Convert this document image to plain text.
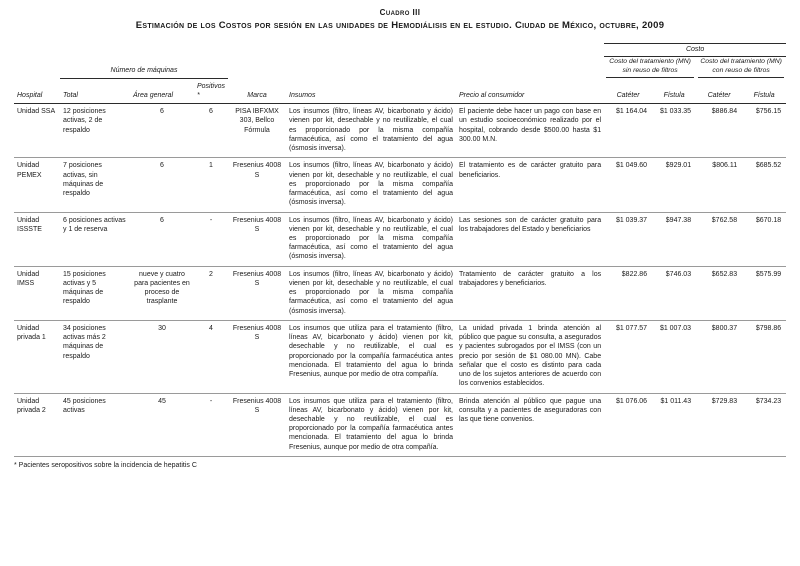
Cuadro III
Estimación de los Costos por sesión en las unidades de Hemodiálisis en el estudio. Ciudad de México, octubre, 2009
							Costo			
	Número de máquinas						Costo del tratamiento (MN) sin reuso de filtros		Costo del tratamiento (MN) con reuso de filtros	

Hospital	Total	Área general	Positivos*	Marca	Insumos	Precio al consumidor	Catéter	Fístula	Catéter	Fístula
Unidad SSA	12 posiciones activas, 2 de respaldo	6	6	PISA IBFXMX 303, Bellco Fórmula	Los insumos (filtro, líneas AV, bicarbonato y ácido) vienen por kit, desechable y no reutilizable, el cual es proporcionado por la misma compañía farmacéutica, así como el tratamiento del agua (ósmosis inversa).	El paciente debe hacer un pago con base en un estudio socioeconómico realizado por el hospital, cobrando desde $500.00 hasta $1 300.00 M.N.	$1 164.04	$1 033.35	$886.84	$756.15
Unidad PEMEX	7 posiciones activas, sin máquinas de respaldo	6	1	Fresenius 4008 S	Los insumos (filtro, líneas AV, bicarbonato y ácido) vienen por kit, desechable y no reutilizable, el cual es proporcionado por la misma compañía farmacéutica, así como el tratamiento del agua (ósmosis inversa).	El tratamiento es de carácter gratuito para beneficiarios.	$1 049.60	$929.01	$806.11	$685.52
Unidad ISSSTE	6 posiciones activas y 1 de reserva	6	-	Fresenius 4008 S	Los insumos (filtro, líneas AV, bicarbonato y ácido) vienen por kit, desechable y no reutilizable, el cual es proporcionado por la misma compañía farmacéutica, así como el tratamiento del agua (ósmosis inversa).	Las sesiones son de carácter gratuito para los trabajadores del Estado y beneficiarios	$1 039.37	$947.38	$762.58	$670.18
Unidad IMSS	15 posiciones activas y 5 máquinas de respaldo	nueve y cuatro para pacientes en proceso de trasplante	2	Fresenius 4008 S	Los insumos (filtro, líneas AV, bicarbonato y ácido) vienen por kit, desechable y no reutilizable, el cual es proporcionado por la misma compañía farmacéutica, así como el tratamiento del agua (ósmosis inversa).	Tratamiento de carácter gratuito a los trabajadores y beneficiarios.	$822.86	$746.03	$652.83	$575.99
Unidad privada 1	34 posiciones activas más 2 máquinas de respaldo	30	4	Fresenius 4008 S	Los insumos que utiliza para el tratamiento (filtro, líneas AV, bicarbonato y ácido) vienen por kit, desechable y no reutilizable, el cual es proporcionado por la compañía farmacéutica antes mencionada. El tratamiento del agua lo brinda Fresenius, aunque por medio de otra compañía.	La unidad privada 1 brinda atención al público que pague su consulta, a asegurados y pacientes subrogados por el IMSS (con un precio por sesión de $1 080.00 MN). Cabe señalar que el costo es distinto para cada uno de los sujetos anteriores de acuerdo con los convenios establecidos.	$1 077.57	$1 007.03	$800.37	$798.86
Unidad privada 2	45 posiciones activas	45	-	Fresenius 4008 S	Los insumos que utiliza para el tratamiento (filtro, líneas AV, bicarbonato y ácido) vienen por kit, desechable y no reutilizable, el cual es proporcionado por la compañía farmacéutica antes mencionada. El tratamiento del agua lo brinda Fresenius, aunque por medio de otra compañía.	Brinda atención al público que pague una consulta y a pacientes de aseguradoras con las que tiene convenios.	$1 076.06	$1 011.43	$729.83	$734.23
* Pacientes seropositivos sobre la incidencia de hepatitis C
